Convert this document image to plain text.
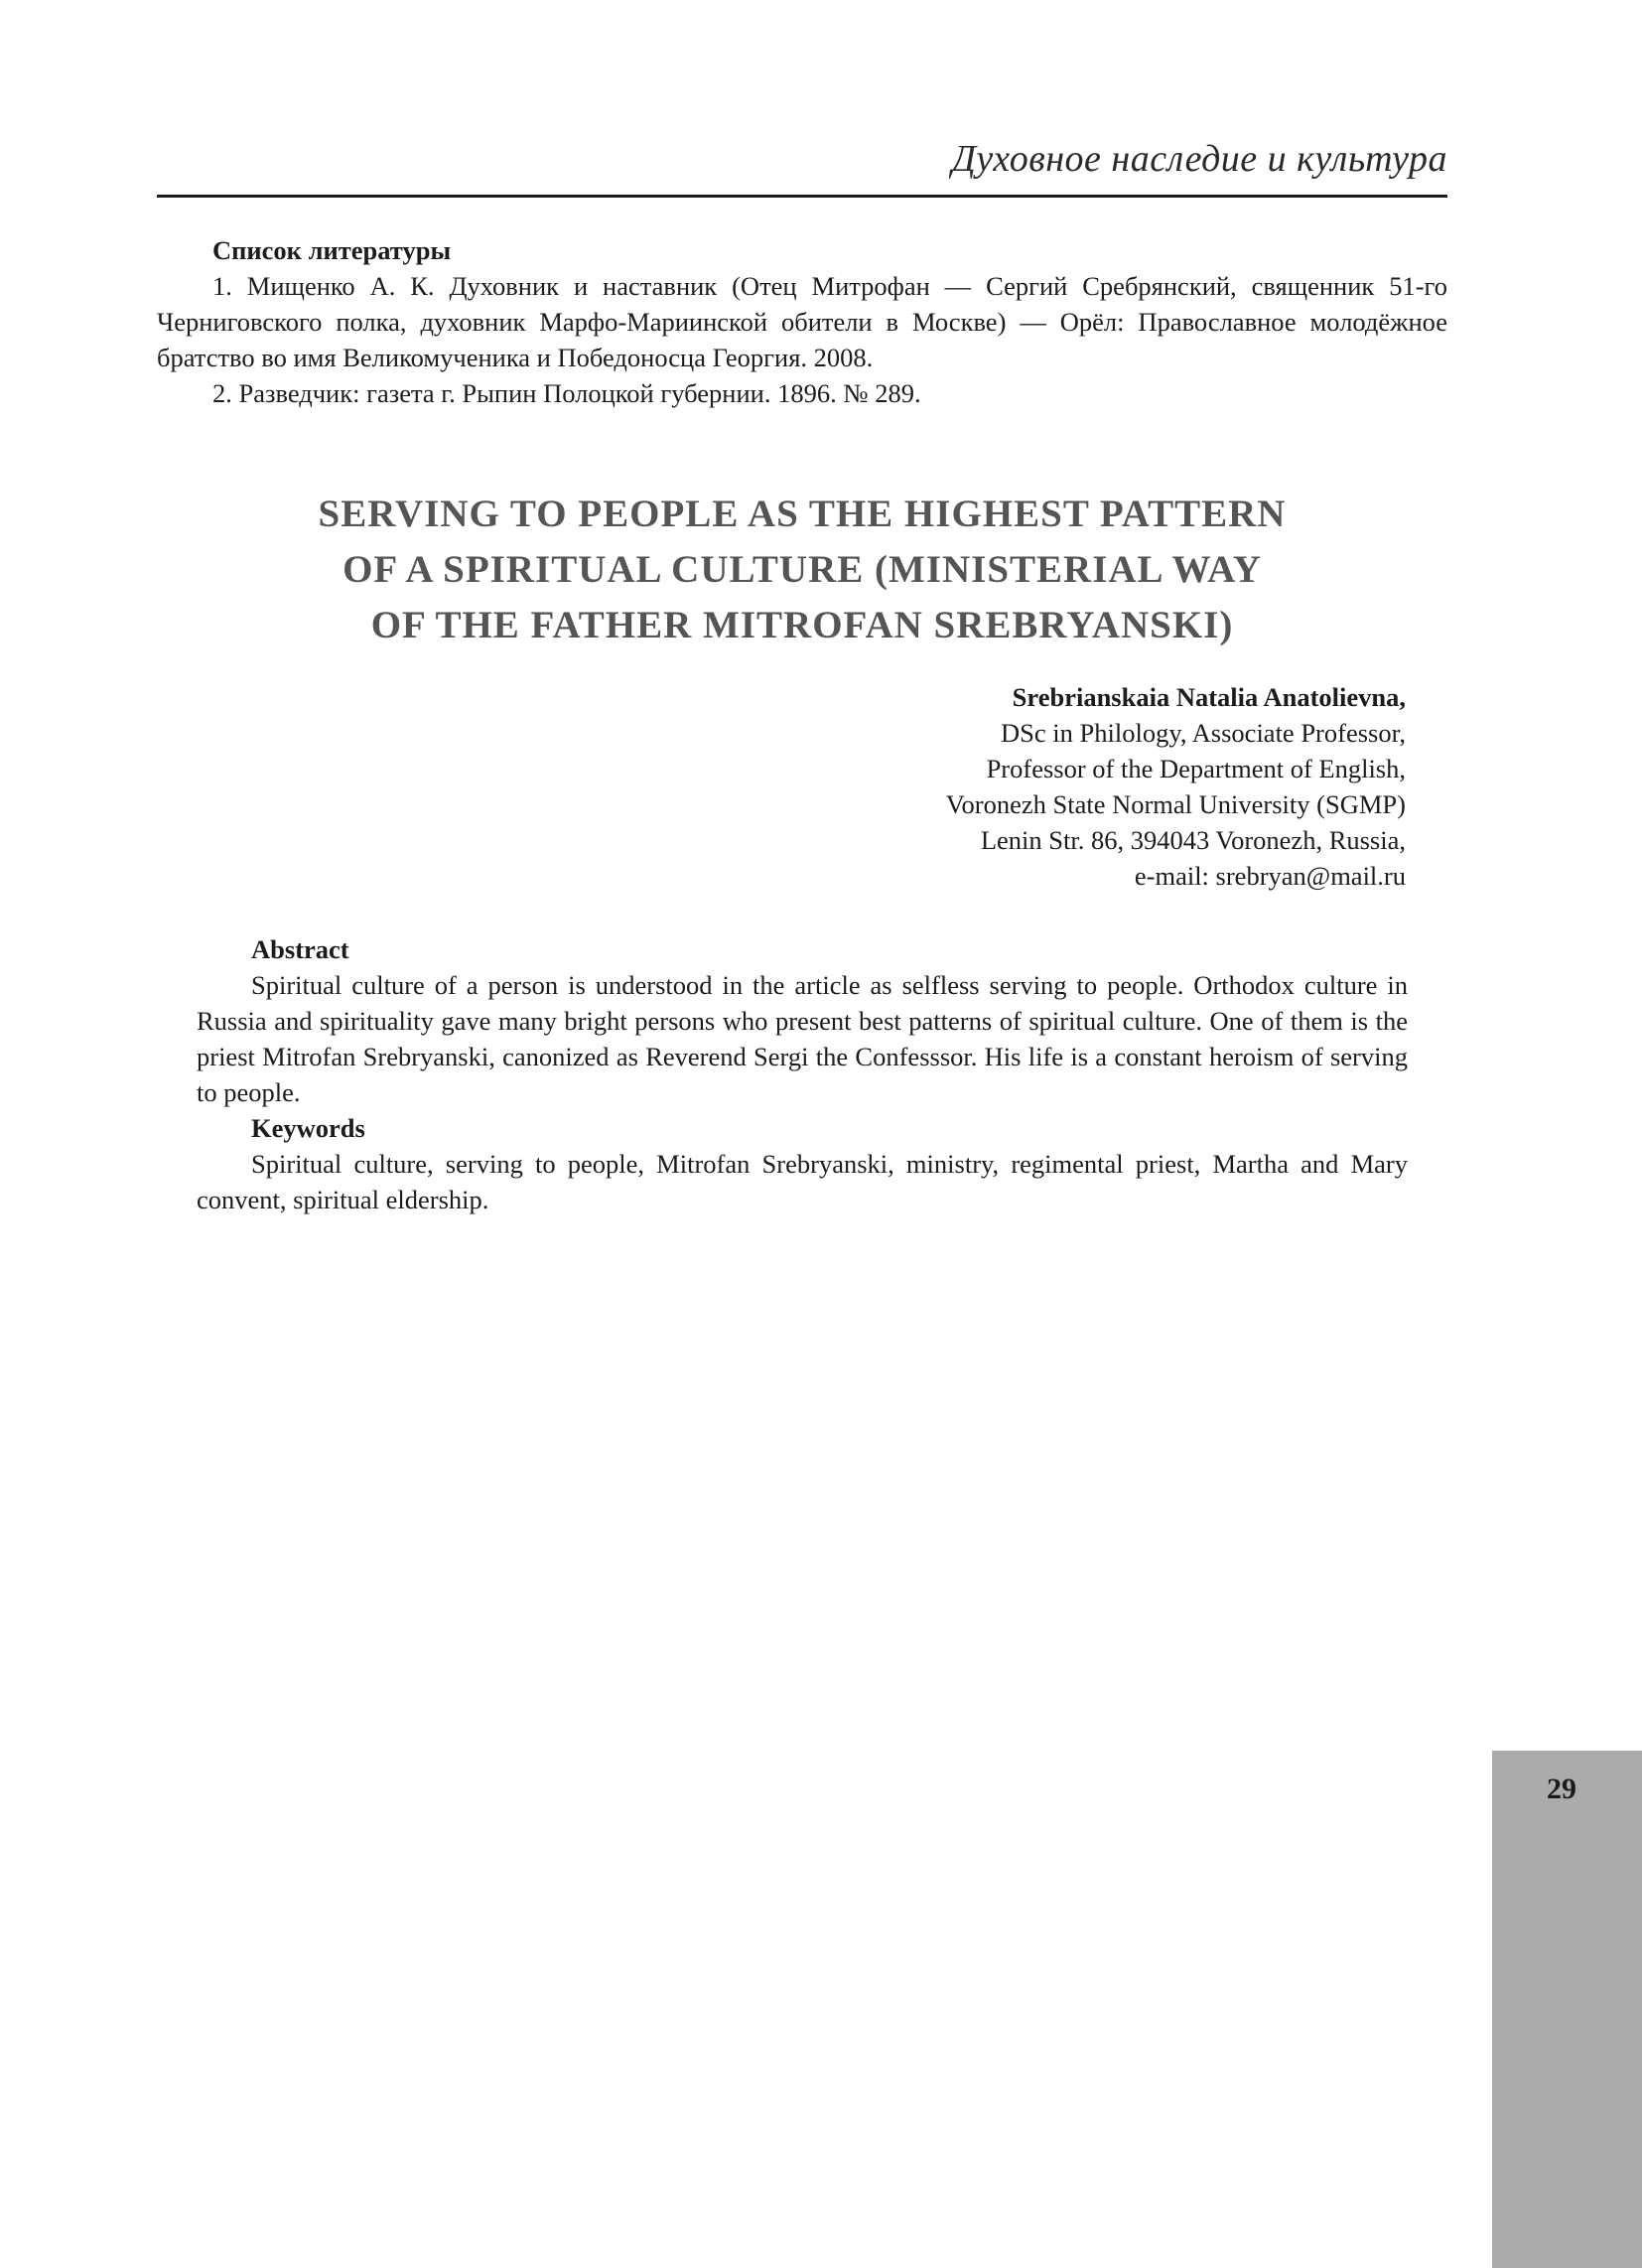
Духовное наследие и культура
Список литературы
1. Мищенко А. К. Духовник и наставник (Отец Митрофан — Сергий Сребрянский, священник 51-го Черниговского полка, духовник Марфо-Мариинской обители в Москве) — Орёл: Православное молодёжное братство во имя Великомученика и Победоносца Георгия. 2008.
2. Разведчик: газета г. Рыпин Полоцкой губернии. 1896. № 289.
SERVING TO PEOPLE AS THE HIGHEST PATTERN
OF A SPIRITUAL CULTURE (MINISTERIAL WAY
OF THE FATHER MITROFAN SREBRYANSKI)
Srebrianskaia Natalia Anatolievna,
DSc in Philology, Associate Professor,
Professor of the Department of English,
Voronezh State Normal University (SGMP)
Lenin Str. 86, 394043 Voronezh, Russia,
e-mail: srebryan@mail.ru
Abstract
Spiritual culture of a person is understood in the article as selfless serving to people. Orthodox culture in Russia and spirituality gave many bright persons who present best patterns of spiritual culture. One of them is the priest Mitrofan Srebryanski, canonized as Reverend Sergi the Confesssor. His life is a constant heroism of serving to people.
Keywords
Spiritual culture, serving to people, Mitrofan Srebryanski, ministry, regimental priest, Martha and Mary convent, spiritual eldership.
29
